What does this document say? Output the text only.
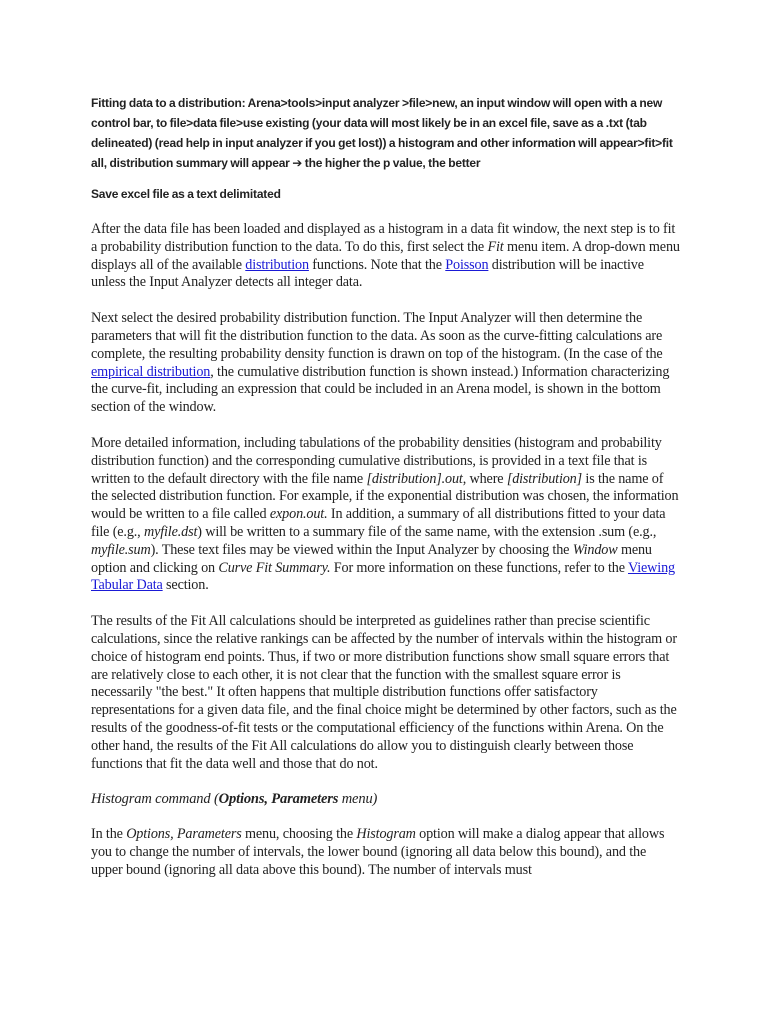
Fitting data to a distribution: Arena>tools>input analyzer >file>new, an input window will open with a new control bar, to file>data file>use existing (your data will most likely be in an excel file, save as a .txt (tab delineated) (read help in input analyzer if you get lost)) a histogram and other information will appear>fit>fit all, distribution summary will appear ➔ the higher the p value, the better

Save excel file as a text delimitated

After the data file has been loaded and displayed as a histogram in a data fit window, the next step is to fit a probability distribution function to the data. To do this, first select the Fit menu item. A drop-down menu displays all of the available distribution functions. Note that the Poisson distribution will be inactive unless the Input Analyzer detects all integer data.

Next select the desired probability distribution function. The Input Analyzer will then determine the parameters that will fit the distribution function to the data. As soon as the curve-fitting calculations are complete, the resulting probability density function is drawn on top of the histogram. (In the case of the empirical distribution, the cumulative distribution function is shown instead.) Information characterizing the curve-fit, including an expression that could be included in an Arena model, is shown in the bottom section of the window.

More detailed information, including tabulations of the probability densities (histogram and probability distribution function) and the corresponding cumulative distributions, is provided in a text file that is written to the default directory with the file name [distribution].out, where [distribution] is the name of the selected distribution function. For example, if the exponential distribution was chosen, the information would be written to a file called expon.out. In addition, a summary of all distributions fitted to your data file (e.g., myfile.dst) will be written to a summary file of the same name, with the extension .sum (e.g., myfile.sum). These text files may be viewed within the Input Analyzer by choosing the Window menu option and clicking on Curve Fit Summary. For more information on these functions, refer to the Viewing Tabular Data section.

The results of the Fit All calculations should be interpreted as guidelines rather than precise scientific calculations, since the relative rankings can be affected by the number of intervals within the histogram or choice of histogram end points. Thus, if two or more distribution functions show small square errors that are relatively close to each other, it is not clear that the function with the smallest square error is necessarily "the best." It often happens that multiple distribution functions offer satisfactory representations for a given data file, and the final choice might be determined by other factors, such as the results of the goodness-of-fit tests or the computational efficiency of the functions within Arena. On the other hand, the results of the Fit All calculations do allow you to distinguish clearly between those functions that fit the data well and those that do not.

Histogram command (Options, Parameters menu)

In the Options, Parameters menu, choosing the Histogram option will make a dialog appear that allows you to change the number of intervals, the lower bound (ignoring all data below this bound), and the upper bound (ignoring all data above this bound). The number of intervals must
